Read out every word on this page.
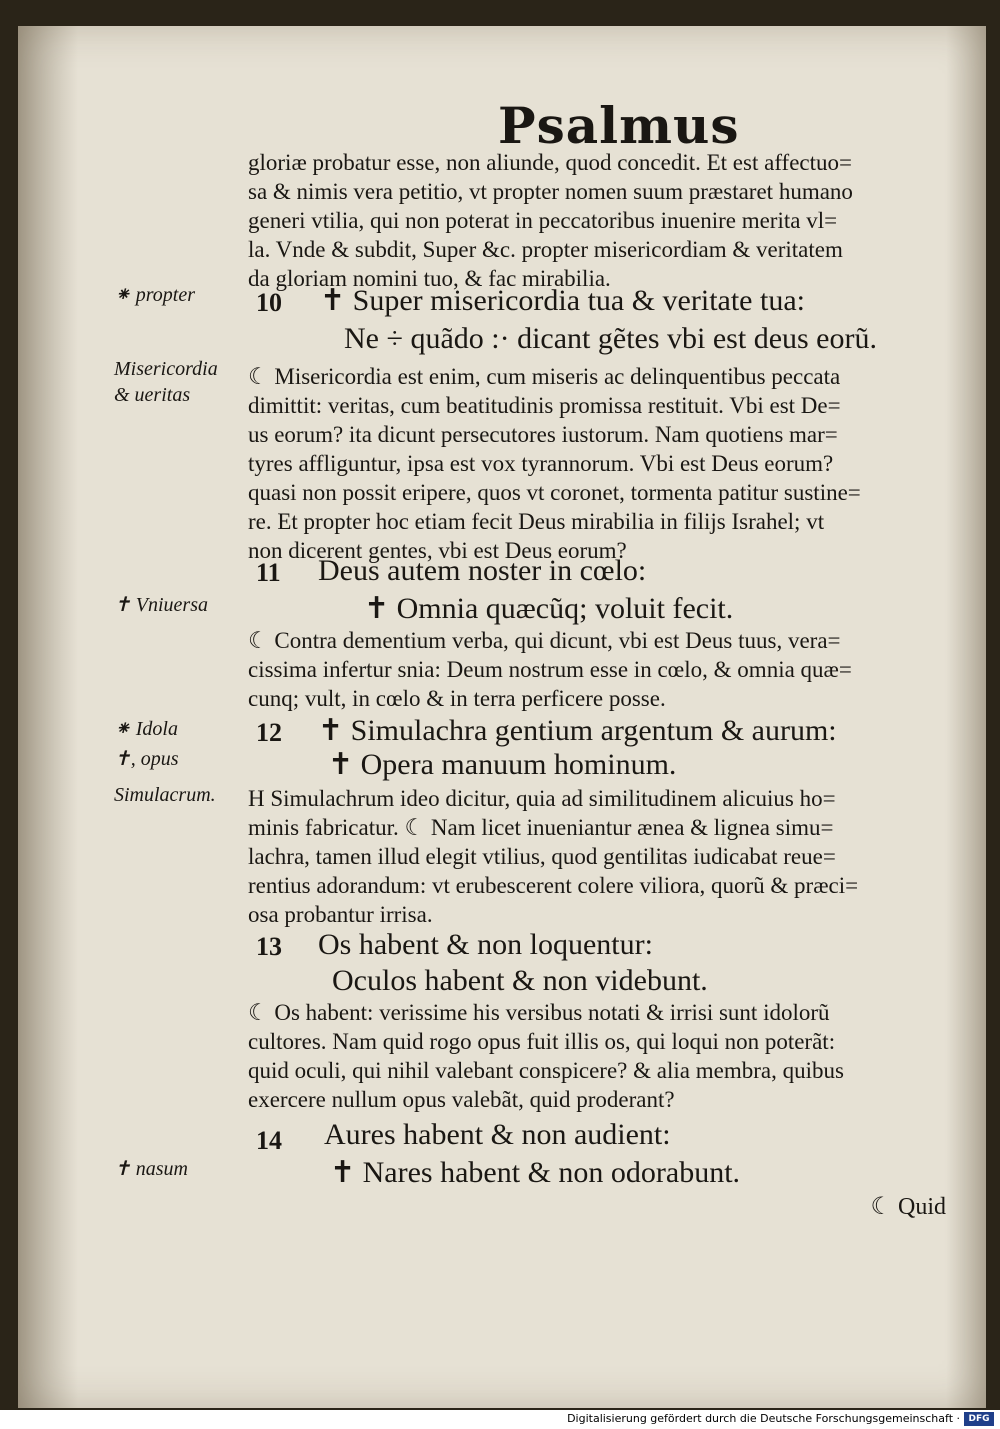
Psalmus
gloriæ probatur esse, non aliunde, quod concedit. Et est affectuo=
sa & nimis vera petitio, vt propter nomen suum præstaret humano
generi vtilia, qui non poterat in peccatoribus inuenire merita vl=
la. Vnde & subdit, Super &c. propter misericordiam & veritatem
da gloriam nomini tuo, & fac mirabilia.
⁕ propter 10 ✝ Super misericordia tua & veritate tua:
Ne ÷ quãdo :· dicant gẽtes vbi est deus eorũ.
Misericordia
& ueritas
☾ Misericordia est enim, cum miseris ac delinquentibus peccata
dimittit: veritas, cum beatitudinis promissa restituit. Vbi est De=
us eorum? ita dicunt persecutores iustorum. Nam quotiens mar=
tyres affliguntur, ipsa est vox tyrannorum. Vbi est Deus eorum?
quasi non possit eripere, quos vt coronet, tormenta patitur sustine=
re. Et propter hoc etiam fecit Deus mirabilia in filijs Israhel; vt
non dicerent gentes, vbi est Deus eorum?
11 Deus autem noster in cœlo:
✝ Vniuersa	✝ Omnia quæcũq; voluit fecit.
☾ Contra dementium verba, qui dicunt, vbi est Deus tuus, vera=
cissima infertur snia: Deum nostrum esse in cœlo, & omnia quæ=
cunq; vult, in cœlo & in terra perficere posse.
⁕ Idola	12 ✝ Simulachra gentium argentum & aurum:
✝, opus	✝ Opera manuum hominum.
Simulacrum. H Simulachrum ideo dicitur, quia ad similitudinem alicuius ho=
minis fabricatur. ☾ Nam licet inueniantur ænea & lignea simu=
lachra, tamen illud elegit vtilius, quod gentilitas iudicabat reue=
rentius adorandum: vt erubescerent colere viliora, quorũ & præci=
osa probantur irrisa.
13 Os habent & non loquentur:
Oculos habent & non videbunt.
☾ Os habent: verissime his versibus notati & irrisi sunt idolorũ
cultores. Nam quid rogo opus fuit illis os, qui loqui non poterãt:
quid oculi, qui nihil valebant conspicere? & alia membra, quibus
exercere nullum opus valebãt, quid proderant?
14 Aures habent & non audient:
✝ nasum	✝ Nares habent & non odorabunt.
☾ Quid
Digitalisierung gefördert durch die Deutsche Forschungsgemeinschaft · DFG
